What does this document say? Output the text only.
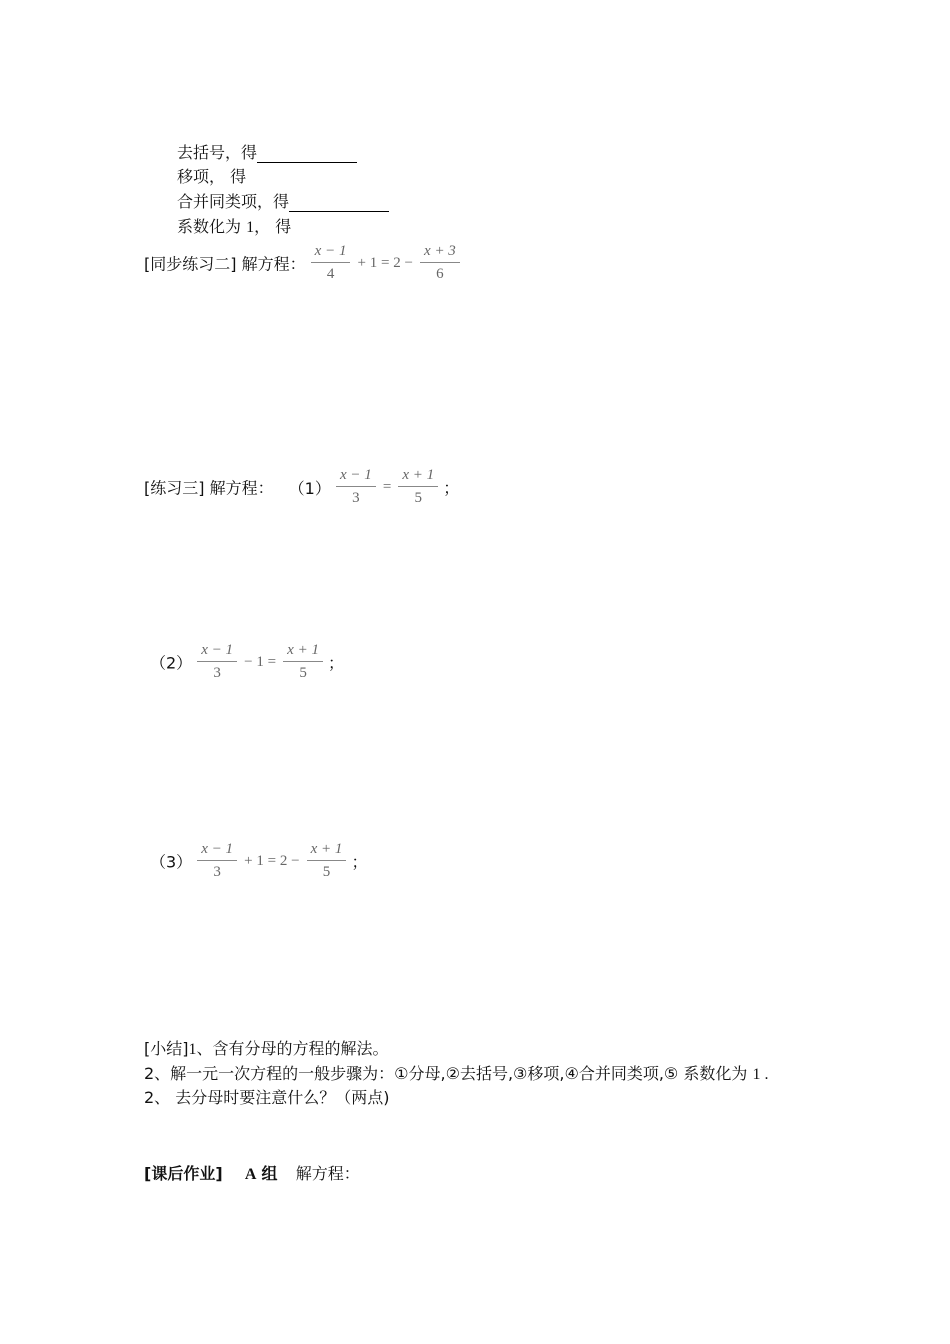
去括号，得
移项， 得
合并同类项，得
系数化为 1， 得
[同步练习二] 解方程： $\frac{x - 1}{4} + 1 = 2 - \frac{x + 3}{6}$
[练习三] 解方程： $(1) \frac{x - 1}{3} = \frac{x + 1}{5}$ ；
$(2) \frac{x - 1}{3} - 1 = \frac{x + 1}{5}$ ；
$(3) \frac{x - 1}{3} + 1 = 2 - \frac{x + 1}{5}$ ；
[小结]1、含有分母的方程的解法。
2、解一元一次方程的一般步骤为：①分母,②去括号,③移项,④合并同类项,⑤ 系数化为 1 .
2、 去分母时要注意什么？（两点)
[课后作业] A 组 解方程：
